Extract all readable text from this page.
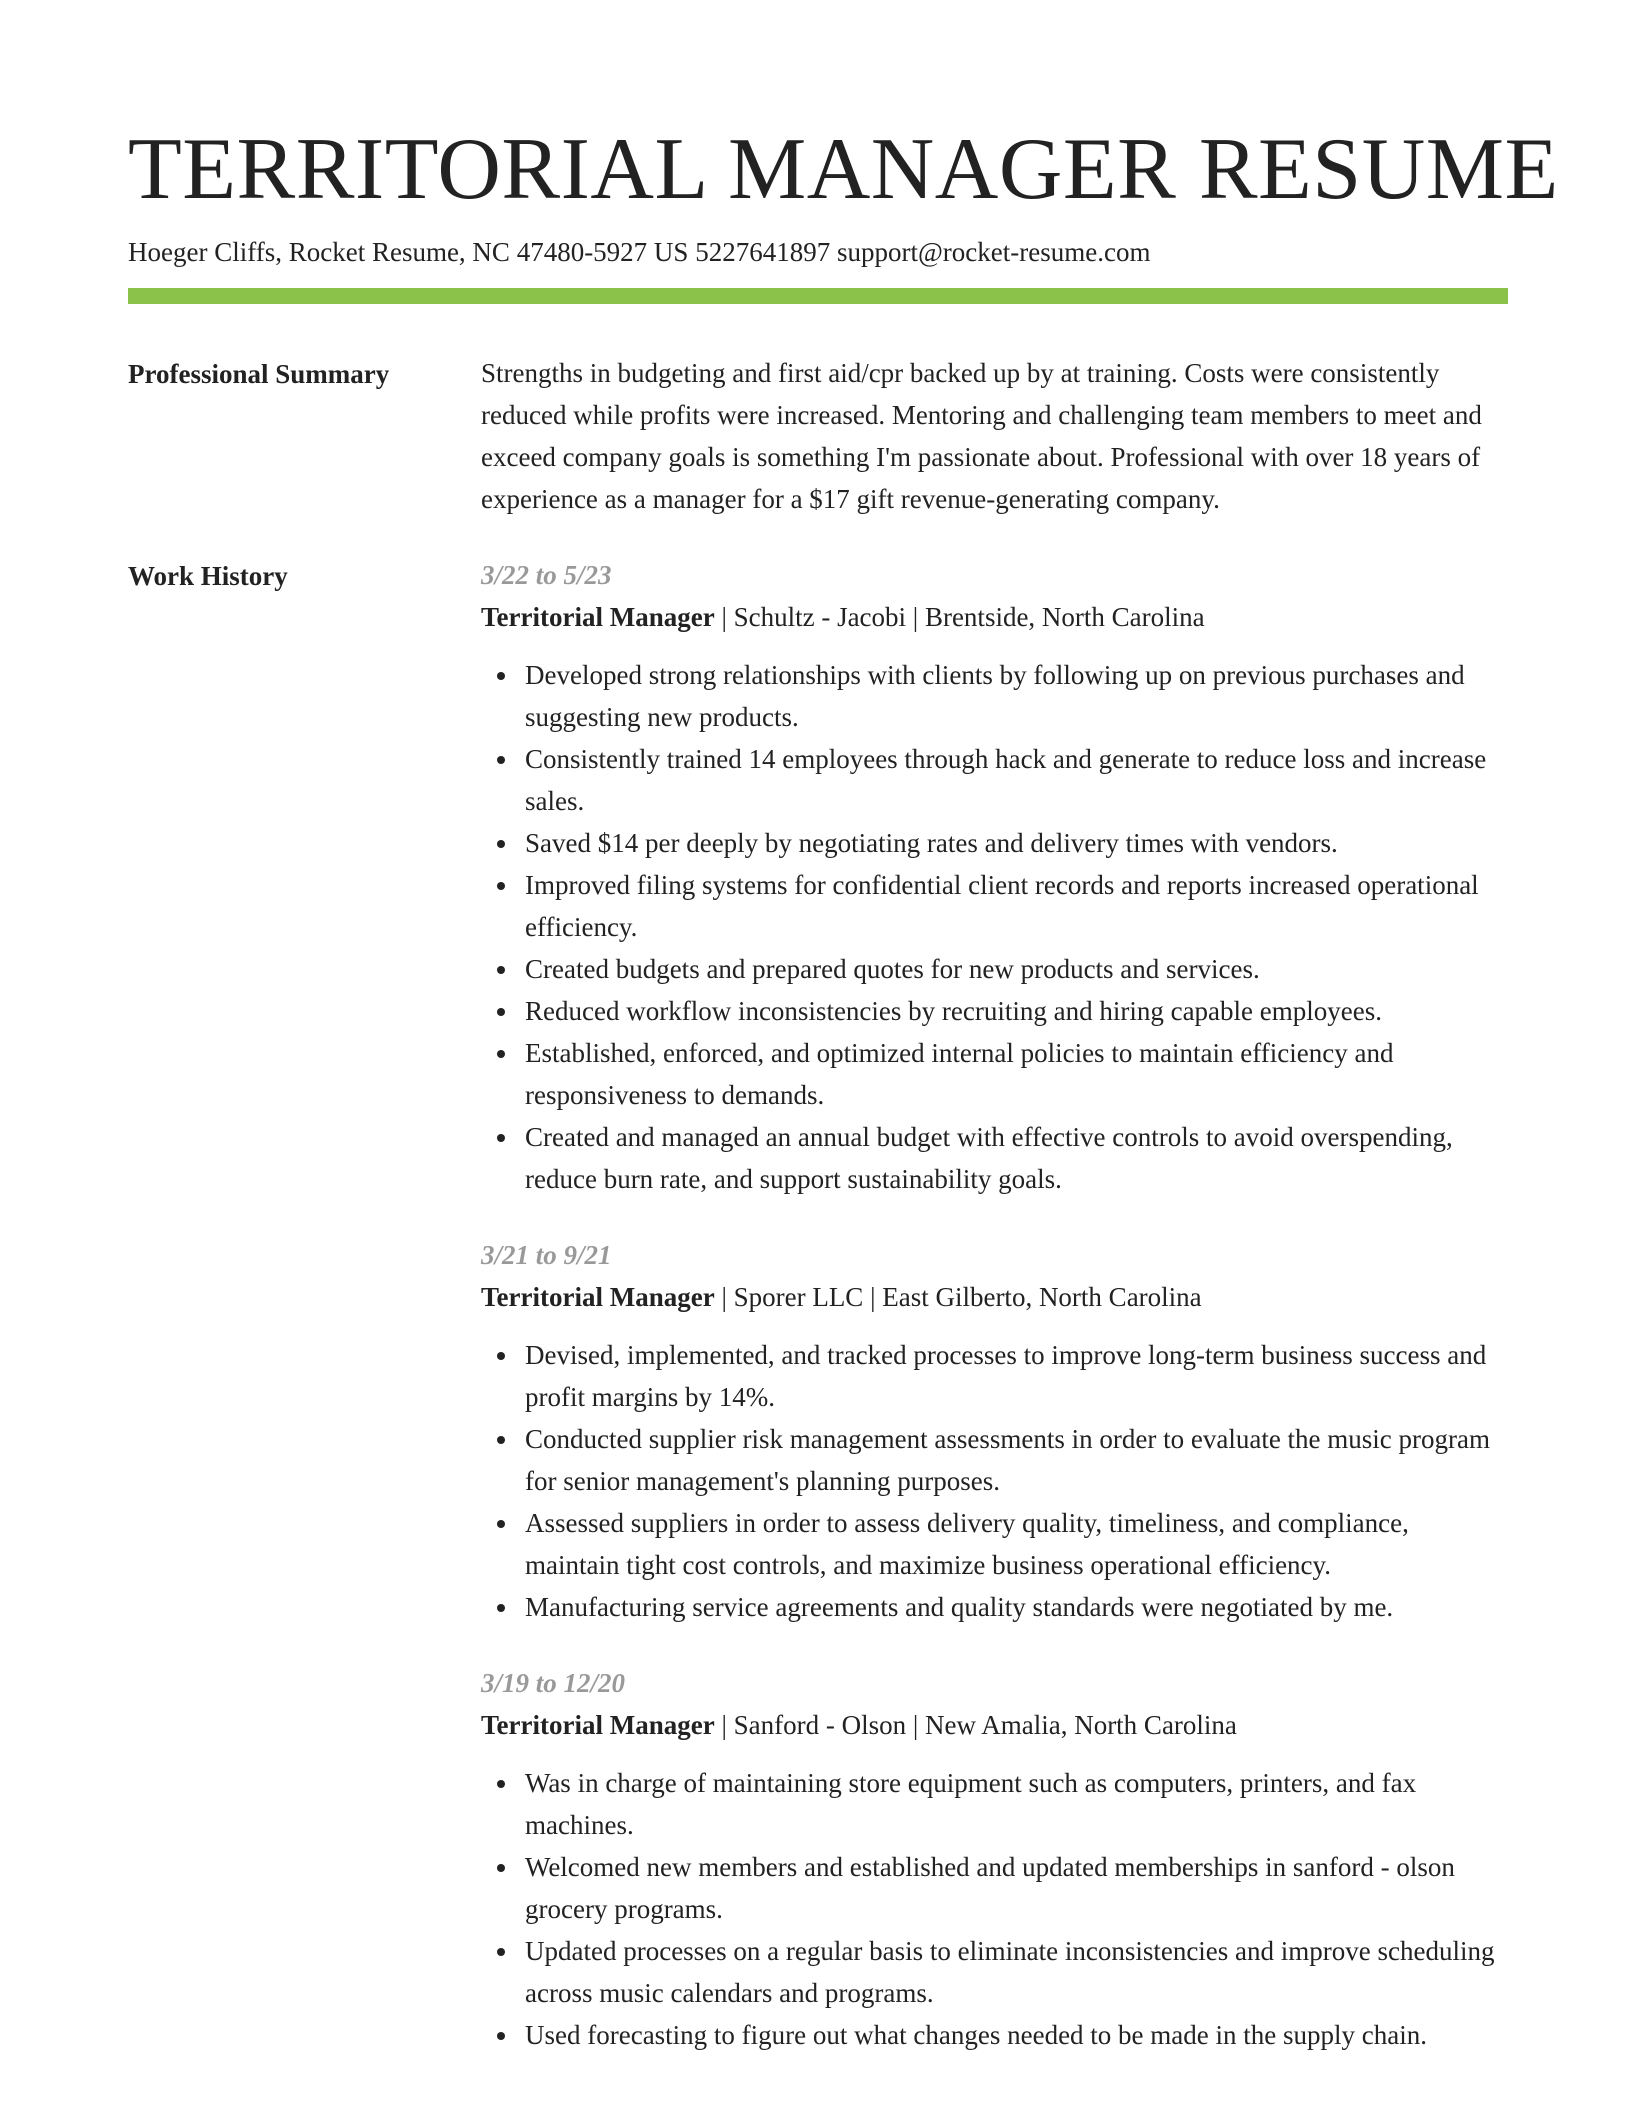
TERRITORIAL MANAGER RESUME
Hoeger Cliffs, Rocket Resume, NC 47480-5927 US 5227641897 support@rocket-resume.com
Professional Summary	Strengths in budgeting and first aid/cpr backed up by at training. Costs were consistently reduced while profits were increased. Mentoring and challenging team members to meet and exceed company goals is something I'm passionate about. Professional with over 18 years of experience as a manager for a $17 gift revenue-generating company.

Work History	3/22 to 5/23
Territorial Manager | Schultz - Jacobi | Brentside, North Carolina
Developed strong relationships with clients by following up on previous purchases and suggesting new products.
Consistently trained 14 employees through hack and generate to reduce loss and increase sales.
Saved $14 per deeply by negotiating rates and delivery times with vendors.
Improved filing systems for confidential client records and reports increased operational efficiency.
Created budgets and prepared quotes for new products and services.
Reduced workflow inconsistencies by recruiting and hiring capable employees.
Established, enforced, and optimized internal policies to maintain efficiency and responsiveness to demands.
Created and managed an annual budget with effective controls to avoid overspending, reduce burn rate, and support sustainability goals.
3/21 to 9/21
Territorial Manager | Sporer LLC | East Gilberto, North Carolina
Devised, implemented, and tracked processes to improve long-term business success and profit margins by 14%.
Conducted supplier risk management assessments in order to evaluate the music program for senior management's planning purposes.
Assessed suppliers in order to assess delivery quality, timeliness, and compliance, maintain tight cost controls, and maximize business operational efficiency.
Manufacturing service agreements and quality standards were negotiated by me.
3/19 to 12/20
Territorial Manager | Sanford - Olson | New Amalia, North Carolina
Was in charge of maintaining store equipment such as computers, printers, and fax machines.
Welcomed new members and established and updated memberships in sanford - olson grocery programs.
Updated processes on a regular basis to eliminate inconsistencies and improve scheduling across music calendars and programs.
Used forecasting to figure out what changes needed to be made in the supply chain.
